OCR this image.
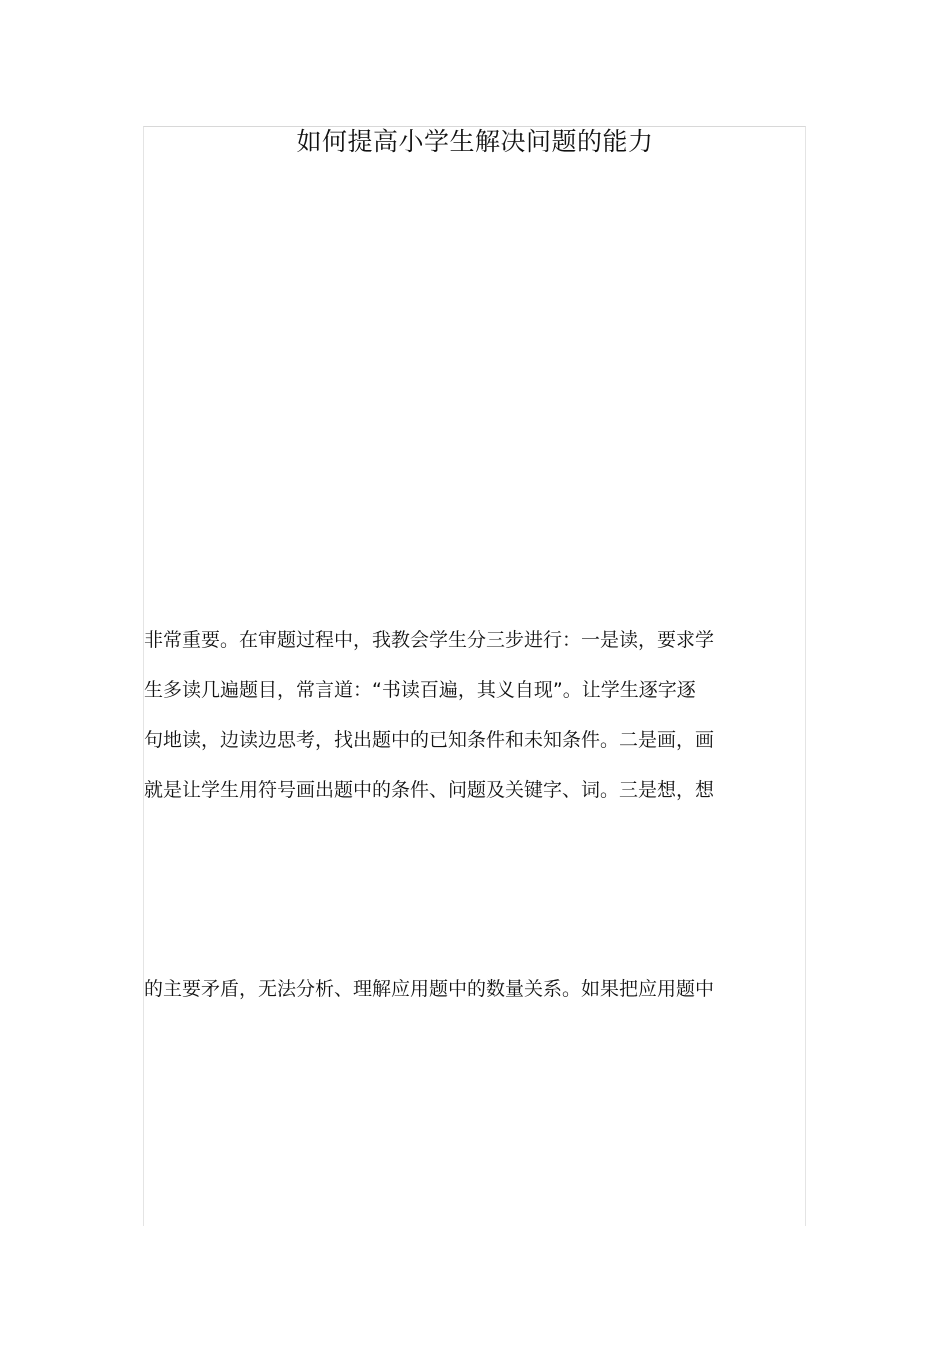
如何提高小学生解决问题的能力

非常重要。在审题过程中，我教会学生分三步进行：一是读，要求学
生多读几遍题目，常言道：“书读百遍，其义自现”。让学生逐字逐
句地读，边读边思考，找出题中的已知条件和未知条件。二是画，画
就是让学生用符号画出题中的条件、问题及关键字、词。三是想，想

的主要矛盾，无法分析、理解应用题中的数量关系。如果把应用题中
